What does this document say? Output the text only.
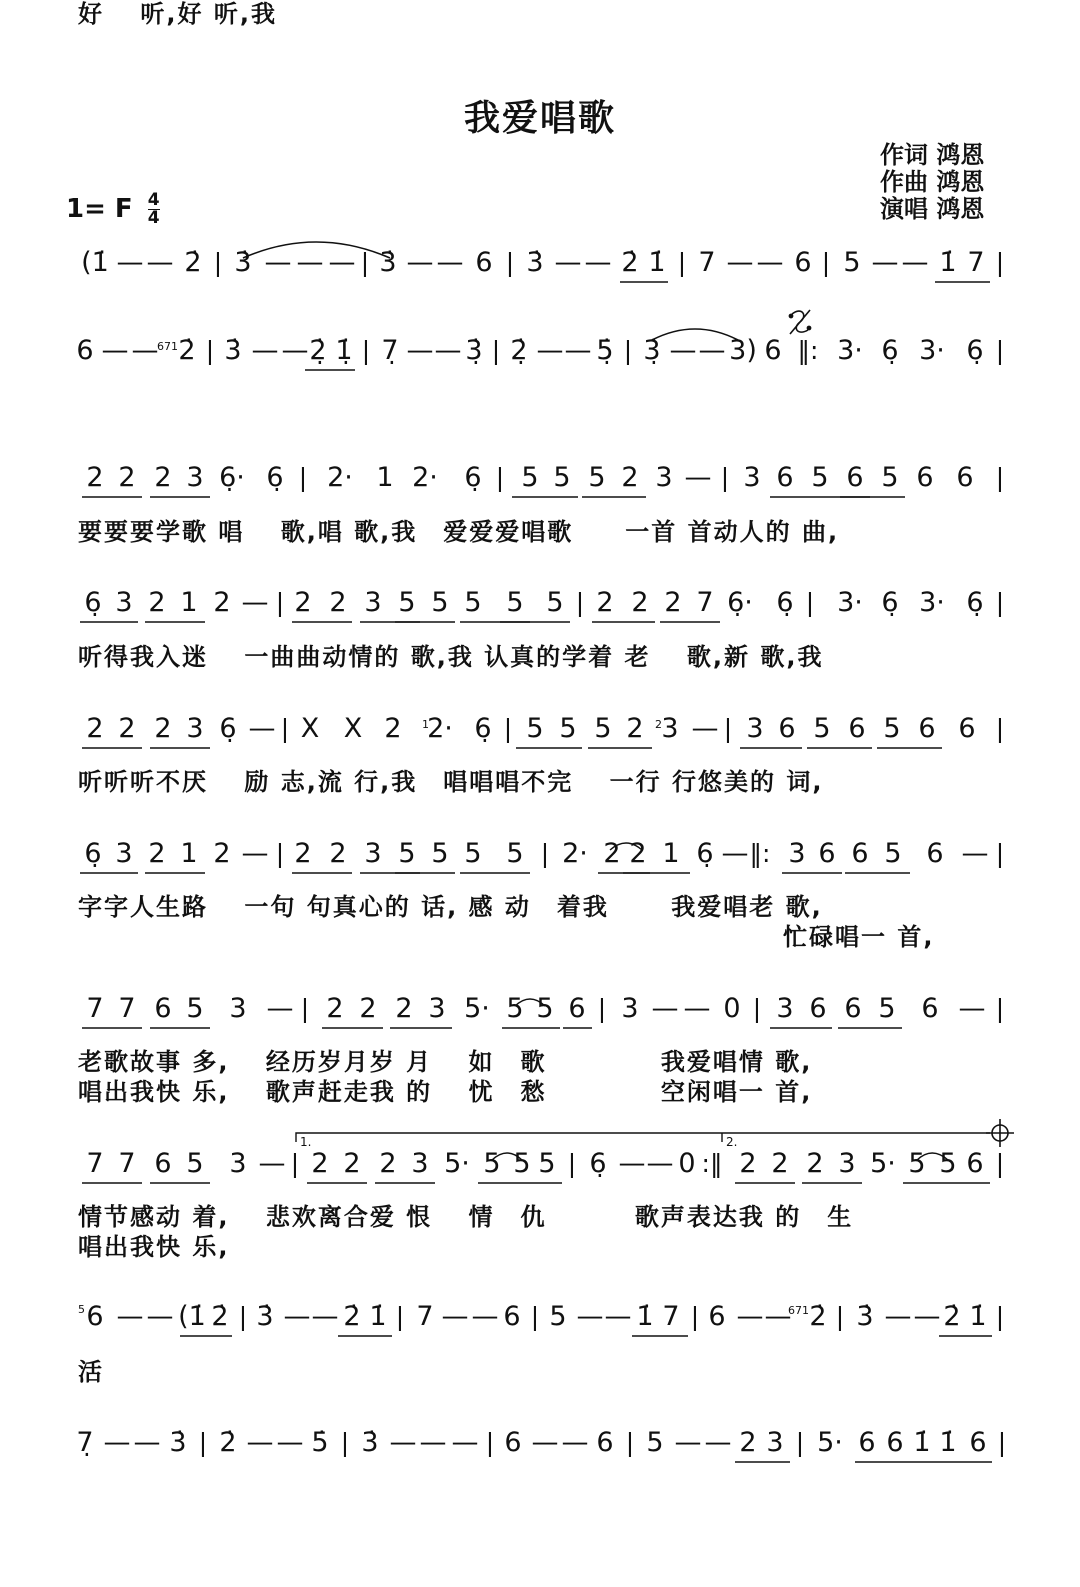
我爱唱歌
作词 鸿恩
作曲 鸿恩
演唱 鸿恩
1= F $\frac{4}{4}$
(1̇ — — 2̇ | 3̇ — — — | 3̇ — — 6 | 3̇ — — 2̇ 1̇ | 7 — — 6 | 5 — — 1̇ 7 |
6 — — 2̇ | 3̇ — — 2̣̇ 1̣̇ | 7̣ — — 3̣̇ | 2̣̇ — — 5̣̇ | 3̣̇ — — 3) 6 ‖: 3· 6̣ 3· 6̣ |
好　 听,好 听,我
2 2 2 3 6̣· 6̣ | 2· 1 2· 6̣ | 5 5 5 2 3 — | 3 6 5 6 5 6 6 |
要要要学歌 唱　 歌,唱 歌,我　爱爱爱唱歌　　一首 首动人的 曲,
6̣ 3 2 1 2 — | 2 2 3 5 5 5 5 5 | 2 2 2 7 6̣· 6̣ | 3· 6̣ 3· 6̣ |
听得我入迷　 一曲曲动情的 歌,我 认真的学着 老　 歌,新 歌,我
2 2 2 3 6̣ — | X X 2 2· 6̣ | 5 5 5 2 3 — | 3 6 5 6 5 6 6 |
听听听不厌　 励 志,流 行,我　唱唱唱不完　 一行 行悠美的 词,
6̣ 3 2 1 2 — | 2 2 3 5 5 5 5 | 2· 2 2 1 6̣ — ‖: 3 6 6 5 6 — |
字字人生路　 一句 句真心的 话, 感 动　着我　　 我爱唱老 歌,
忙碌唱一 首,
7 7 6 5 3 — | 2 2 2 3 5· 5 5 6 | 3 — — 0 | 3 6 6 5 6 — |
老歌故事 多,　 经历岁月岁 月　 如　歌　　　　 我爱唱情 歌,
唱出我快 乐,　 歌声赶走我 的　 忧　愁　　　　 空闲唱一 首,
7 7 6 5 3 — | 2 2 2 3 5· 5 5 5 | 6̣ — — 0 :‖ 2 2 2 3 5· 5 5 6 |
情节感动 着,　 悲欢离合爱 恨　 情　仇　　　 歌声表达我 的　生
唱出我快 乐,
6 — — (1̇ 2̇ | 3̇ — — 2̇ 1̇ | 7 — — 6 | 5 — — 1̇ 7 | 6 — — 2̇ | 3̇ — — 2̇ 1̇ |
活
7̣ — — 3̇ | 2̇ — — 5̇ | 3̇ — — — | 6 — — 6 | 5 — — 2 3 | 5· 6 6 1̇ 1̇ 6 |
1.	2.
671
671
1	2
5
